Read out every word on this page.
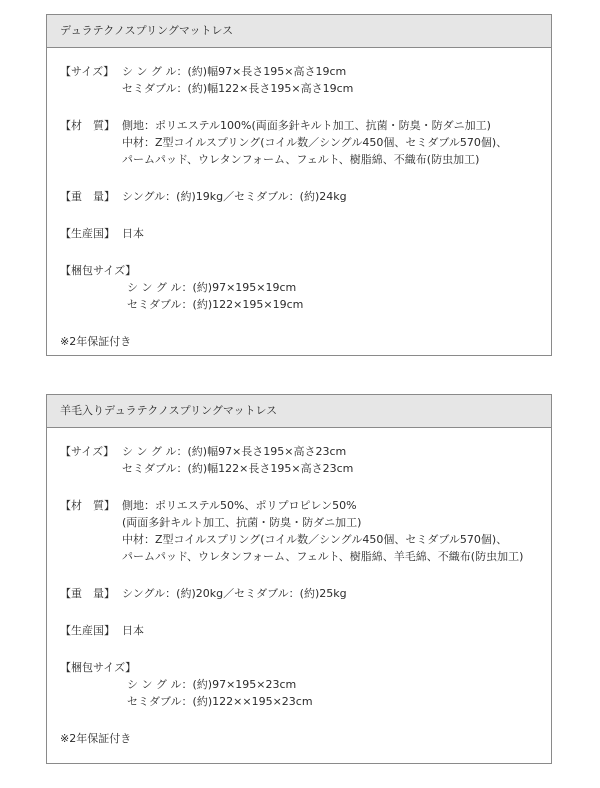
デュラテクノスプリングマットレス
【サイズ】 シ ン グ ル：(約)幅97×長さ195×高さ19cm
セミダブル：(約)幅122×長さ195×高さ19cm
【材　質】 側地：ポリエステル100%(両面多針キルト加工、抗菌・防臭・防ダニ加工)
中材：Z型コイルスプリング(コイル数／シングル450個、セミダブル570個)、
パームパッド、ウレタンフォーム、フェルト、樹脂綿、不織布(防虫加工)
【重　量】 シングル：(約)19kg／セミダブル：(約)24kg
【生産国】 日本
【梱包サイズ】
シ ン グ ル：(約)97×195×19cm
セミダブル：(約)122×195×19cm
※2年保証付き
羊毛入りデュラテクノスプリングマットレス
【サイズ】 シ ン グ ル：(約)幅97×長さ195×高さ23cm
セミダブル：(約)幅122×長さ195×高さ23cm
【材　質】 側地：ポリエステル50%、ポリプロピレン50%
(両面多針キルト加工、抗菌・防臭・防ダニ加工)
中材：Z型コイルスプリング(コイル数／シングル450個、セミダブル570個)、
パームパッド、ウレタンフォーム、フェルト、樹脂綿、羊毛綿、不織布(防虫加工)
【重　量】 シングル：(約)20kg／セミダブル：(約)25kg
【生産国】 日本
【梱包サイズ】
シ ン グ ル：(約)97×195×23cm
セミダブル：(約)122××195×23cm
※2年保証付き
